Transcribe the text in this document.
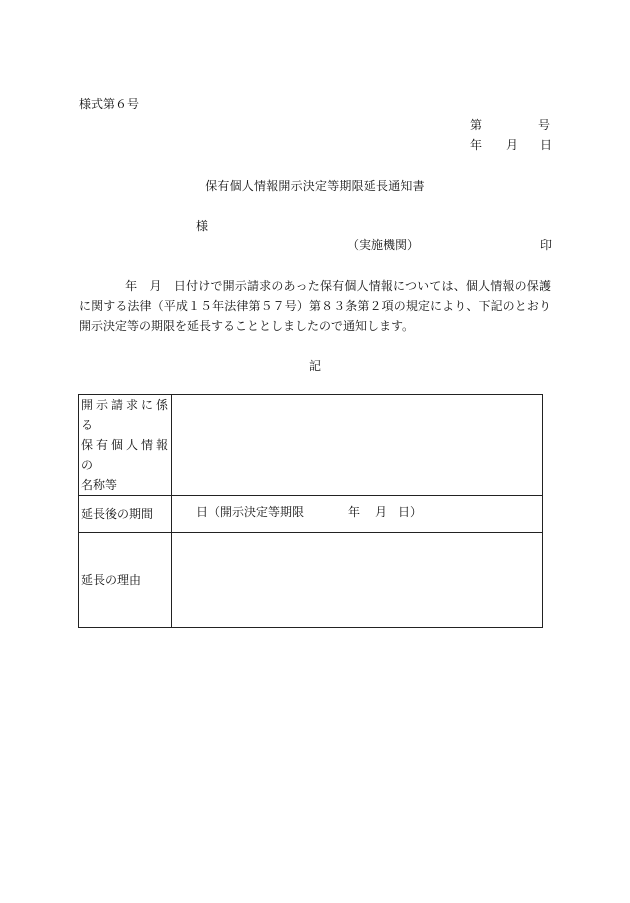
様式第６号
第	号
年 月 日
保有個人情報開示決定等期限延長通知書
様
（実施機関）	印
年　月　日付けで開示請求のあった保有個人情報については、個人情報の保護に関する法律（平成１５年法律第５７号）第８３条第２項の規定により、下記のとおり開示決定等の期限を延長することとしましたので通知します。
記
開示請求に係る
保有個人情報の
名称等	

延長後の期間	日 （開示決定等期限 年 月 日）

延長の理由	
